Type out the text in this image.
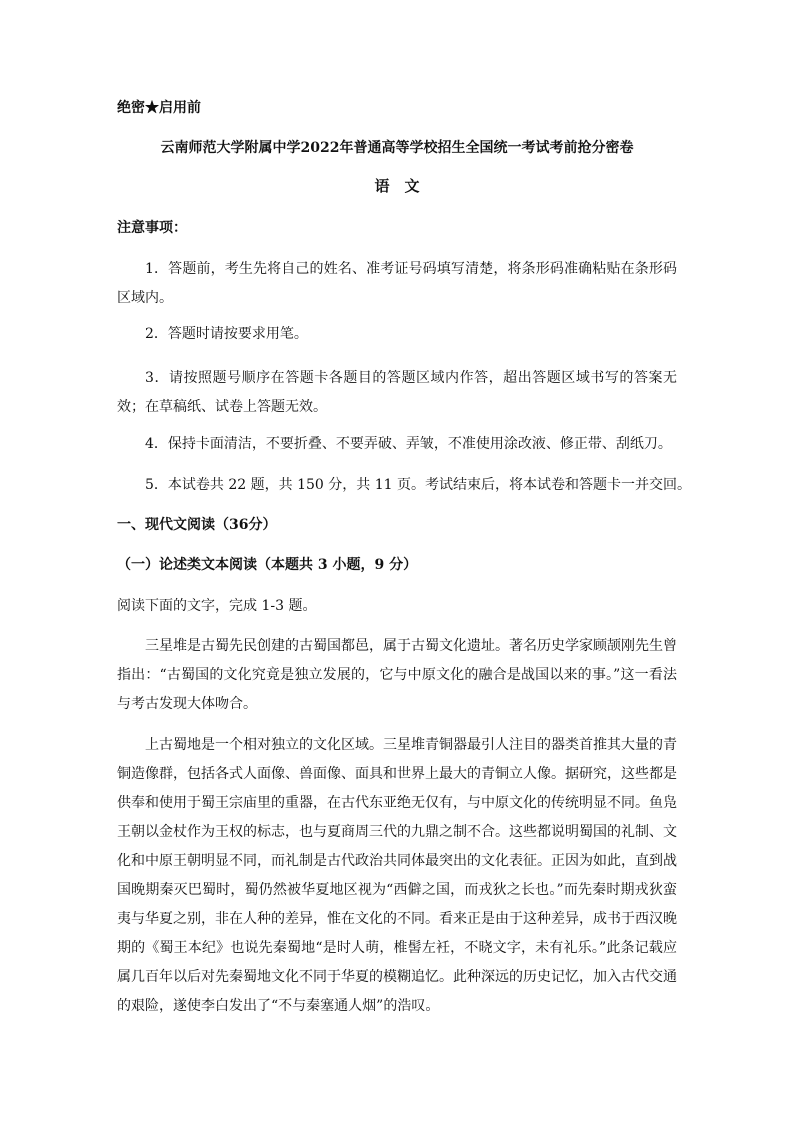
绝密★启用前
云南师范大学附属中学2022年普通高等学校招生全国统一考试考前抢分密卷
语　文
注意事项：
1．答题前，考生先将自己的姓名、准考证号码填写清楚，将条形码准确粘贴在条形码区域内。
2．答题时请按要求用笔。
3．请按照题号顺序在答题卡各题目的答题区域内作答，超出答题区域书写的答案无效；在草稿纸、试卷上答题无效。
4．保持卡面清洁，不要折叠、不要弄破、弄皱，不准使用涂改液、修正带、刮纸刀。
5．本试卷共 22 题，共 150 分，共 11 页。考试结束后，将本试卷和答题卡一并交回。
一、现代文阅读（36分）
（一）论述类文本阅读（本题共 3 小题，9 分）
阅读下面的文字，完成 1-3 题。
三星堆是古蜀先民创建的古蜀国都邑，属于古蜀文化遗址。著名历史学家顾颉刚先生曾指出：“古蜀国的文化究竟是独立发展的，它与中原文化的融合是战国以来的事。”这一看法与考古发现大体吻合。
上古蜀地是一个相对独立的文化区域。三星堆青铜器最引人注目的器类首推其大量的青铜造像群，包括各式人面像、兽面像、面具和世界上最大的青铜立人像。据研究，这些都是供奉和使用于蜀王宗庙里的重器，在古代东亚绝无仅有，与中原文化的传统明显不同。鱼凫王朝以金杖作为王权的标志，也与夏商周三代的九鼎之制不合。这些都说明蜀国的礼制、文化和中原王朝明显不同，而礼制是古代政治共同体最突出的文化表征。正因为如此，直到战国晚期秦灭巴蜀时，蜀仍然被华夏地区视为“西僻之国，而戎狄之长也。”而先秦时期戎狄蛮夷与华夏之别，非在人种的差异，惟在文化的不同。看来正是由于这种差异，成书于西汉晚期的《蜀王本纪》也说先秦蜀地“是时人萌，椎髻左衽，不晓文字，未有礼乐。”此条记载应属几百年以后对先秦蜀地文化不同于华夏的模糊追忆。此种深远的历史记忆，加入古代交通的艰险，遂使李白发出了“不与秦塞通人烟”的浩叹。
